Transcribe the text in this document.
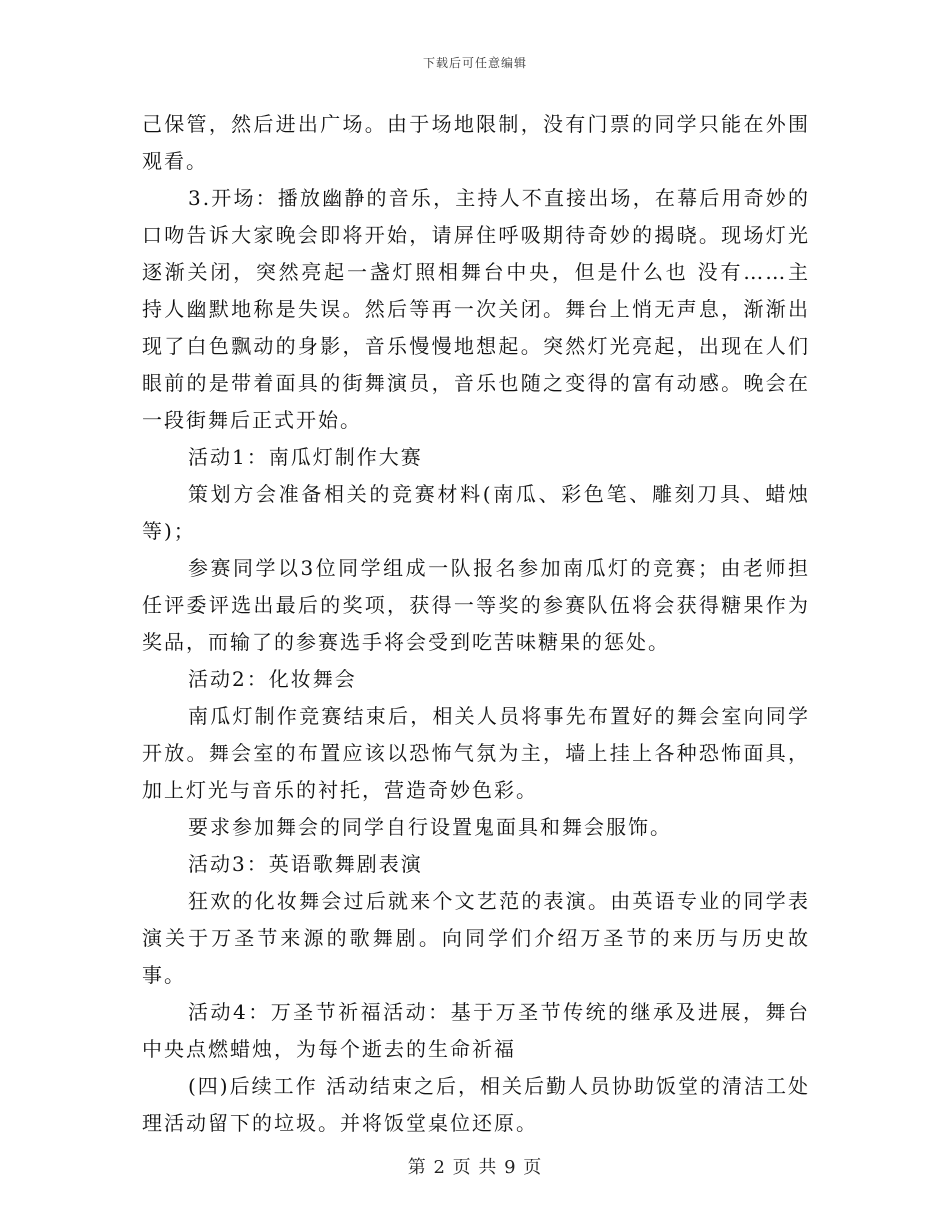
下载后可任意编辑

己保管，然后进出广场。由于场地限制，没有门票的同学只能在外围观看。

3.开场：播放幽静的音乐，主持人不直接出场，在幕后用奇妙的口吻告诉大家晚会即将开始，请屏住呼吸期待奇妙的揭晓。现场灯光逐渐关闭，突然亮起一盏灯照相舞台中央，但是什么也 没有……主持人幽默地称是失误。然后等再一次关闭。舞台上悄无声息，渐渐出现了白色飘动的身影，音乐慢慢地想起。突然灯光亮起，出现在人们眼前的是带着面具的街舞演员，音乐也随之变得的富有动感。晚会在一段街舞后正式开始。

活动1：南瓜灯制作大赛

策划方会准备相关的竞赛材料(南瓜、彩色笔、雕刻刀具、蜡烛等)；

参赛同学以3位同学组成一队报名参加南瓜灯的竞赛；由老师担任评委评选出最后的奖项，获得一等奖的参赛队伍将会获得糖果作为奖品，而输了的参赛选手将会受到吃苦味糖果的惩处。

活动2：化妆舞会

南瓜灯制作竞赛结束后，相关人员将事先布置好的舞会室向同学开放。舞会室的布置应该以恐怖气氛为主，墙上挂上各种恐怖面具，加上灯光与音乐的衬托，营造奇妙色彩。

要求参加舞会的同学自行设置鬼面具和舞会服饰。

活动3：英语歌舞剧表演

狂欢的化妆舞会过后就来个文艺范的表演。由英语专业的同学表演关于万圣节来源的歌舞剧。向同学们介绍万圣节的来历与历史故事。

活动4：万圣节祈福活动：基于万圣节传统的继承及进展，舞台中央点燃蜡烛，为每个逝去的生命祈福

(四)后续工作 活动结束之后，相关后勤人员协助饭堂的清洁工处理活动留下的垃圾。并将饭堂桌位还原。

第 2 页 共 9 页
